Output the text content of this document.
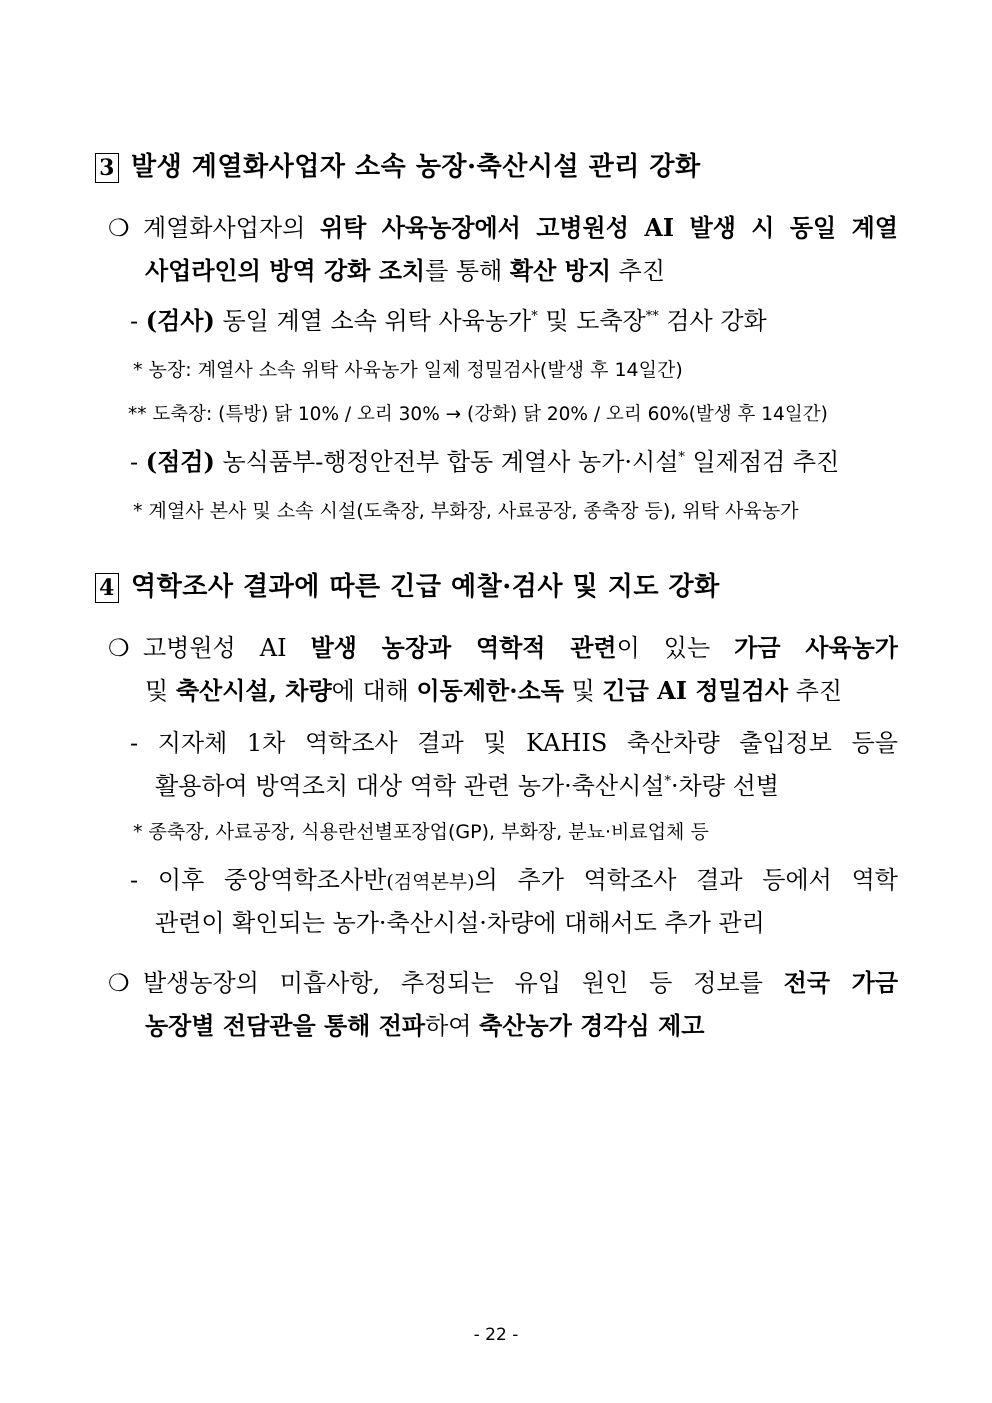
3 발생 계열화사업자 소속 농장·축산시설 관리 강화
❍ 계열화사업자의 위탁 사육농장에서 고병원성 AI 발생 시 동일 계열
사업라인의 방역 강화 조치를 통해 확산 방지 추진
- (검사) 동일 계열 소속 위탁 사육농가* 및 도축장** 검사 강화
* 농장: 계열사 소속 위탁 사육농가 일제 정밀검사(발생 후 14일간)
** 도축장: (특방) 닭 10% / 오리 30% → (강화) 닭 20% / 오리 60%(발생 후 14일간)
- (점검) 농식품부-행정안전부 합동 계열사 농가·시설* 일제점검 추진
* 계열사 본사 및 소속 시설(도축장, 부화장, 사료공장, 종축장 등), 위탁 사육농가
4 역학조사 결과에 따른 긴급 예찰·검사 및 지도 강화
❍ 고병원성 AI 발생 농장과 역학적 관련이 있는 가금 사육농가
및 축산시설, 차량에 대해 이동제한·소독 및 긴급 AI 정밀검사 추진
- 지자체 1차 역학조사 결과 및 KAHIS 축산차량 출입정보 등을
활용하여 방역조치 대상 역학 관련 농가·축산시설*·차량 선별
* 종축장, 사료공장, 식용란선별포장업(GP), 부화장, 분뇨·비료업체 등
- 이후 중앙역학조사반(검역본부)의 추가 역학조사 결과 등에서 역학
관련이 확인되는 농가·축산시설·차량에 대해서도 추가 관리
❍ 발생농장의 미흡사항, 추정되는 유입 원인 등 정보를 전국 가금
농장별 전담관을 통해 전파하여 축산농가 경각심 제고
- 22 -
